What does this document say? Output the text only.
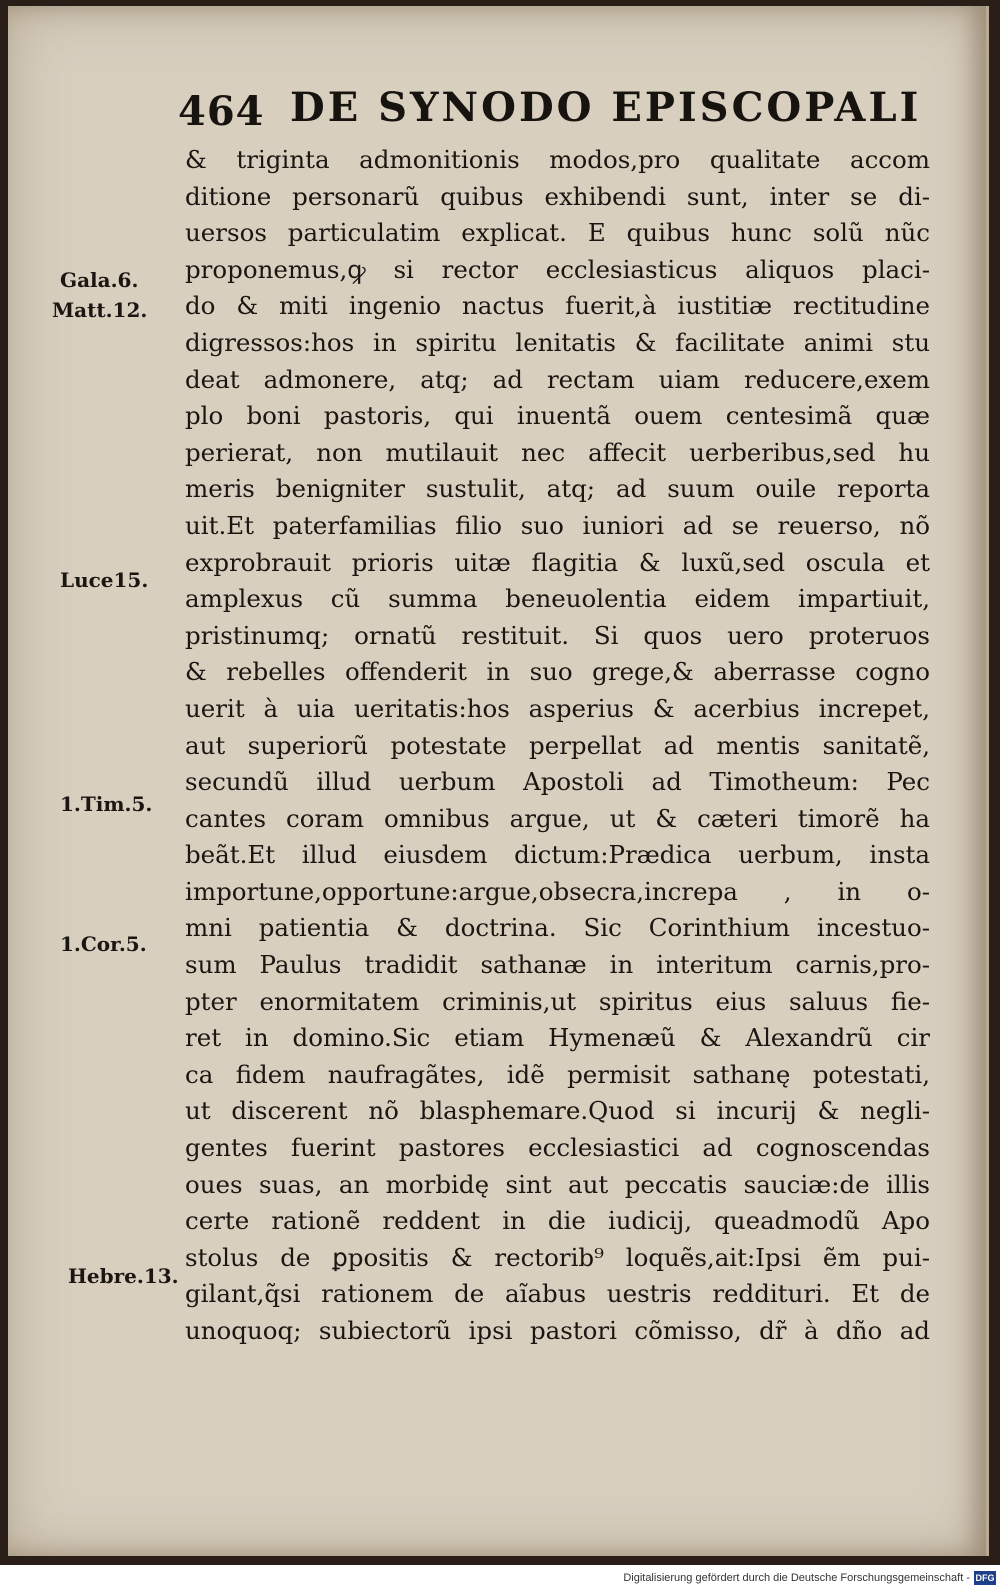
464 DE SYNODO EPISCOPALI
Gala.6.
Matt.12.
Luce15.
1.Tim.5.
1.Cor.5.
Hebre.13.
& triginta admonitionis modos,pro qualitate accom
ditione personarũ quibus exhibendi sunt, inter se di-
uersos particulatim explicat. E quibus hunc solũ nũc
proponemus,ꝙ si rector ecclesiasticus aliquos placi-
do & miti ingenio nactus fuerit,à iustitiæ rectitudine
digressos:hos in spiritu lenitatis & facilitate animi stu
deat admonere, atq; ad rectam uiam reducere,exem
plo boni pastoris, qui inuentã ouem centesimã quæ
perierat, non mutilauit nec affecit uerberibus,sed hu
meris benigniter sustulit, atq; ad suum ouile reporta
uit.Et paterfamilias filio suo iuniori ad se reuerso, nõ
exprobrauit prioris uitæ flagitia & luxũ,sed oscula et
amplexus cũ summa beneuolentia eidem impartiuit,
pristinumq; ornatũ restituit. Si quos uero proteruos
& rebelles offenderit in suo grege,& aberrasse cogno
uerit à uia ueritatis:hos asperius & acerbius increpet,
aut superiorũ potestate perpellat ad mentis sanitatẽ,
secundũ illud uerbum Apostoli ad Timotheum: Pec
cantes coram omnibus argue, ut & cæteri timorẽ ha
beãt.Et illud eiusdem dictum:Prædica uerbum, insta
importune,opportune:argue,obsecra,increpa , in o-
mni patientia & doctrina. Sic Corinthium incestuo-
sum Paulus tradidit sathanæ in interitum carnis,pro-
pter enormitatem criminis,ut spiritus eius saluus fie-
ret in domino.Sic etiam Hymenæũ & Alexandrũ cir
ca fidem naufragãtes, idẽ permisit sathanę potestati,
ut discerent nõ blasphemare.Quod si incurij & negli-
gentes fuerint pastores ecclesiastici ad cognoscendas
oues suas, an morbidę sint aut peccatis sauciæ:de illis
certe rationẽ reddent in die iudicij, queadmodũ Apo
stolus de ꝑpositis & rectorib⁹ loquẽs,ait:Ipsi ẽm pui-
gilant,q̃si rationem de aĩabus uestris reddituri. Et de
unoquoq; subiectorũ ipsi pastori cõmisso, dr̃ à dño ad
Digitalisierung gefördert durch die Deutsche Forschungsgemeinschaft - DFG
